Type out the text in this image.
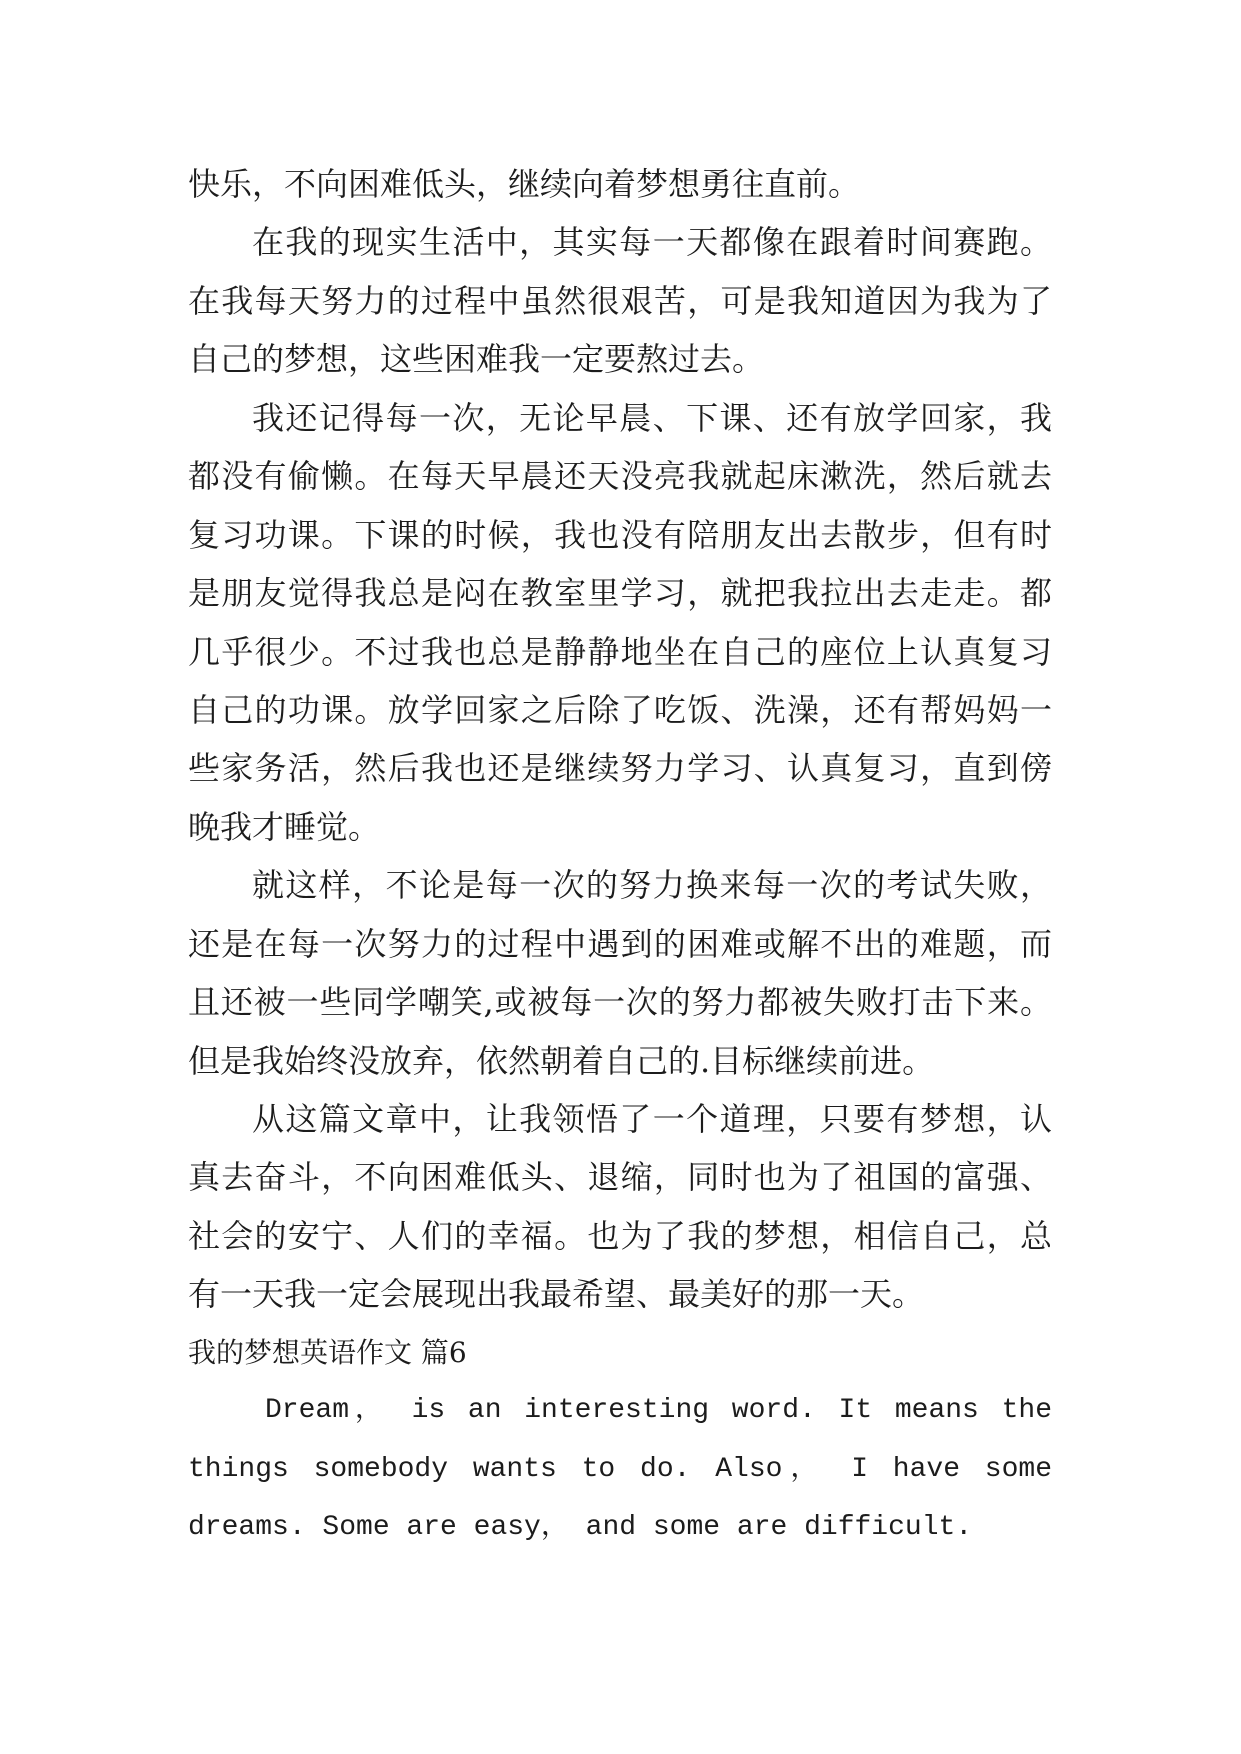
快乐，不向困难低头，继续向着梦想勇往直前。
在我的现实生活中，其实每一天都像在跟着时间赛跑。
在我每天努力的过程中虽然很艰苦，可是我知道因为我为了
自己的梦想，这些困难我一定要熬过去。
我还记得每一次，无论早晨、下课、还有放学回家，我
都没有偷懒。在每天早晨还天没亮我就起床漱洗，然后就去
复习功课。下课的时候，我也没有陪朋友出去散步，但有时
是朋友觉得我总是闷在教室里学习，就把我拉出去走走。都
几乎很少。不过我也总是静静地坐在自己的座位上认真复习
自己的功课。放学回家之后除了吃饭、洗澡，还有帮妈妈一
些家务活，然后我也还是继续努力学习、认真复习，直到傍
晚我才睡觉。
就这样，不论是每一次的努力换来每一次的考试失败，
还是在每一次努力的过程中遇到的困难或解不出的难题，而
且还被一些同学嘲笑,或被每一次的努力都被失败打击下来。
但是我始终没放弃，依然朝着自己的.目标继续前进。
从这篇文章中，让我领悟了一个道理，只要有梦想，认
真去奋斗，不向困难低头、退缩，同时也为了祖国的富强、
社会的安宁、人们的幸福。也为了我的梦想，相信自己，总
有一天我一定会展现出我最希望、最美好的那一天。
我的梦想英语作文 篇6
Dream， is an interesting word. It means the
things somebody wants to do. Also， I have some
dreams. Some are easy， and some are difficult.
